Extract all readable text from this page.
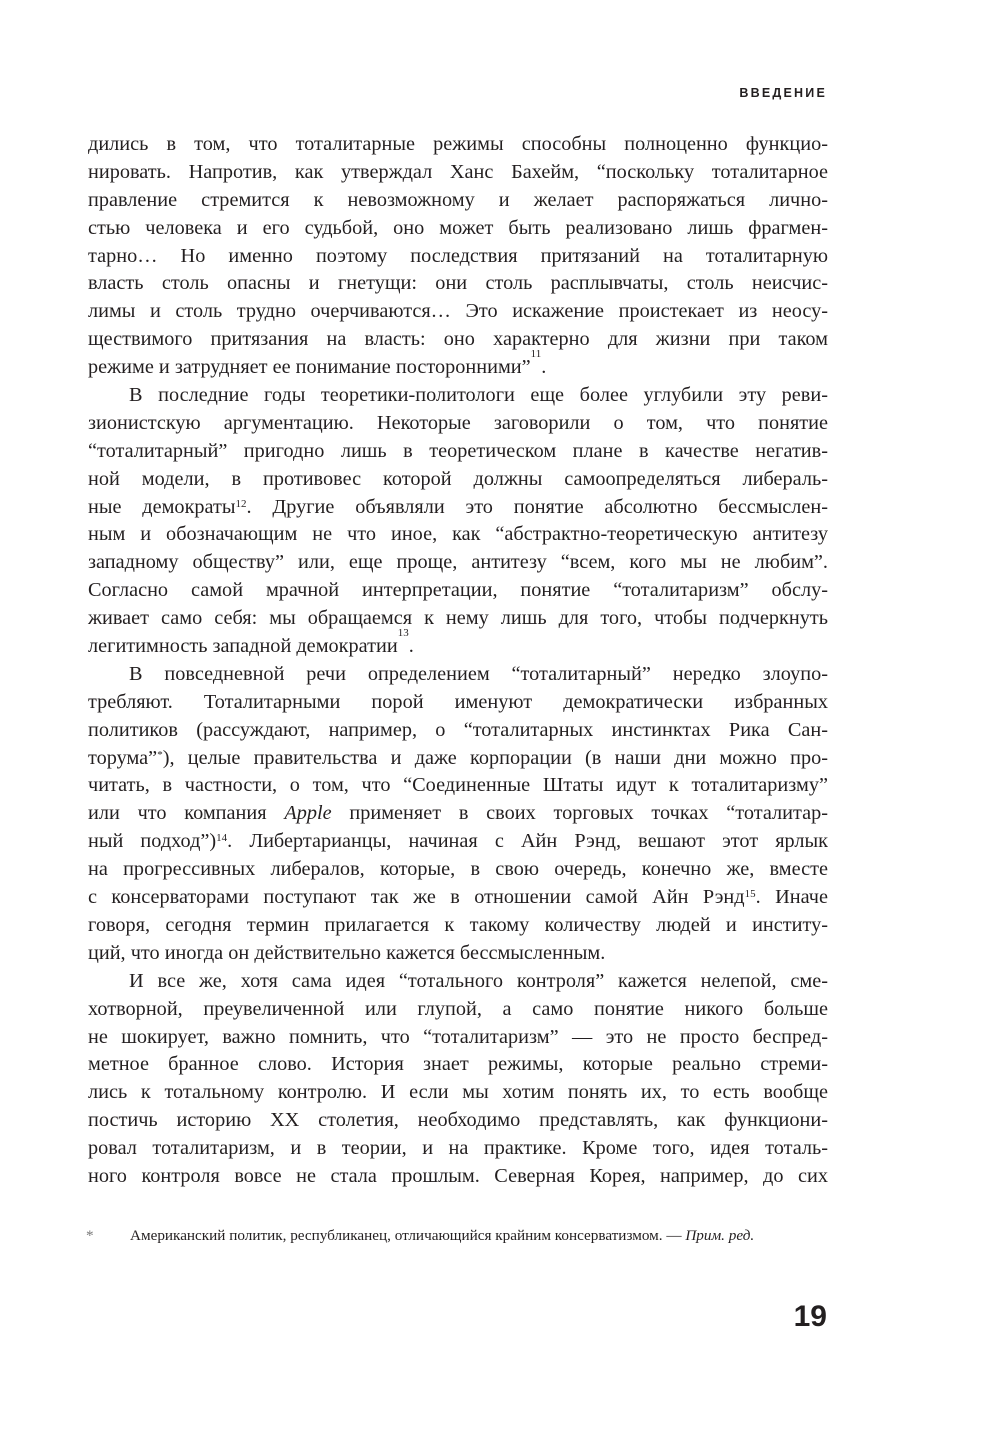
ВВЕДЕНИЕ
дились в том, что тоталитарные режимы способны полноценно функцио-
нировать. Напротив, как утверждал Ханс Бахейм, “поскольку тоталитарное
правление стремится к невозможному и желает распоряжаться лично-
стью человека и его судьбой, оно может быть реализовано лишь фрагмен-
тарно… Но именно поэтому последствия притязаний на тоталитарную
власть столь опасны и гнетущи: они столь расплывчаты, столь неисчис-
лимы и столь трудно очерчиваются… Это искажение проистекает из неосу-
ществимого притязания на власть: оно характерно для жизни при таком
режиме и затрудняет ее понимание посторонними”
11
.
В последние годы теоретики-политологи еще более углубили эту реви-
зионистскую аргументацию. Некоторые заговорили о том, что понятие
“тоталитарный” пригодно лишь в теоретическом плане в качестве негатив-
ной модели, в противовес которой должны самоопределяться либераль-
ные демократы$^{12}$. Другие объявляли это понятие абсолютно бессмыслен-
ным и обозначающим не что иное, как “абстрактно-теоретическую антитезу
западному обществу” или, еще проще, антитезу “всем, кого мы не любим”.
Согласно самой мрачной интерпретации, понятие “тоталитаризм” обслу-
живает само себя: мы обращаемся к нему лишь для того, чтобы подчеркнуть
легитимность западной демократии
13
.
В повседневной речи определением “тоталитарный” нередко злоупо-
требляют. Тоталитарными порой именуют демократически избранных
политиков (рассуждают, например, о “тоталитарных инстинктах Рика Сан-
торума”*), целые правительства и даже корпорации (в наши дни можно про-
читать, в частности, о том, что “Соединенные Штаты идут к тоталитаризму”
или что компания Apple применяет в своих торговых точках “тоталитар-
ный подход”)$^{14}$. Либертарианцы, начиная с Айн Рэнд, вешают этот ярлык
на прогрессивных либералов, которые, в свою очередь, конечно же, вместе
с консерваторами поступают так же в отношении самой Айн Рэнд$^{15}$. Иначе
говоря, сегодня термин прилагается к такому количеству людей и институ-
ций, что иногда он действительно кажется бессмысленным.
И все же, хотя сама идея “тотального контроля” кажется нелепой, сме-
хотворной, преувеличенной или глупой, а само понятие никого больше
не шокирует, важно помнить, что “тоталитаризм” — это не просто беспред-
метное бранное слово. История знает режимы, которые реально стреми-
лись к тотальному контролю. И если мы хотим понять их, то есть вообще
постичь историю XX столетия, необходимо представлять, как функциони-
ровал тоталитаризм, и в теории, и на практике. Кроме того, идея тоталь-
ного контроля вовсе не стала прошлым. Северная Корея, например, до сих
* Американский политик, республиканец, отличающийся крайним консерватизмом. — Прим. ред.
19
